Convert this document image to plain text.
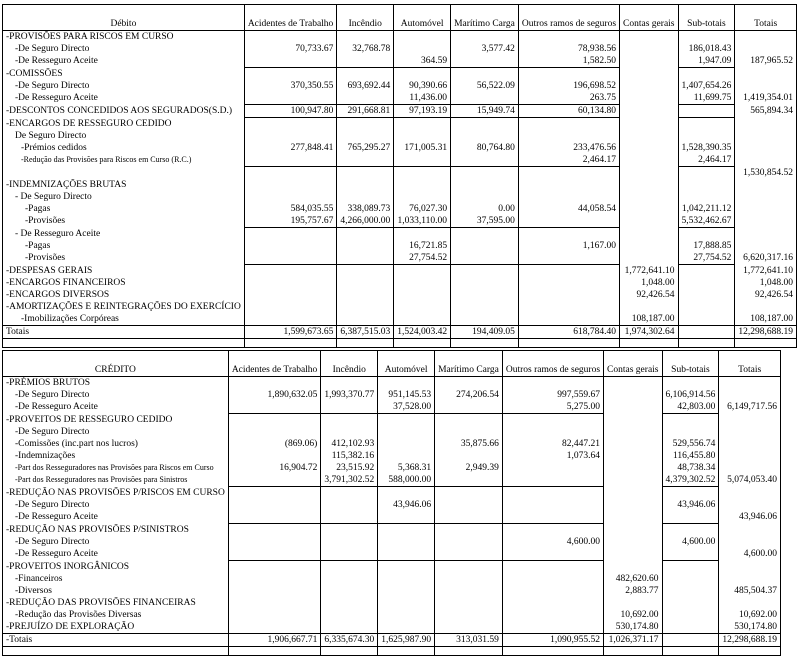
Débito	Acidentes de Trabalho	Incêndio	Automóvel	Marítimo Carga	Outros ramos de seguros	Contas gerais	Sub-totais	Totais
-PROVISÕES PARA RISCOS EM CURSO								
-De Seguro Directo	70,733.67	32,768.78		3,577.42	78,938.56		186,018.43	
-De Resseguro Aceite			364.59		1,582.50		1,947.09	187,965.52
-COMISSÕES								
-De Seguro Directo	370,350.55	693,692.44	90,390.66	56,522.09	196,698.52		1,407,654.26	
-De Resseguro Aceite			11,436.00		263.75		11,699.75	1,419,354.01
-DESCONTOS CONCEDIDOS AOS SEGURADOS(S.D.)	100,947.80	291,668.81	97,193.19	15,949.74	60,134.80			565,894.34
-ENCARGOS DE RESSEGURO CEDIDO								
De Seguro Directo								
-Prémios cedidos	277,848.41	765,295.27	171,005.31	80,764.80	233,476.56		1,528,390.35	
-Redução das Provisões para Riscos em Curso (R.C.)					2,464.17		2,464.17	
								1,530,854.52
-INDEMNIZAÇÕES BRUTAS								
- De Seguro Directo								
-Pagas	584,035.55	338,089.73	76,027.30	0.00	44,058.54		1,042,211.12	
-Provisões	195,757.67	4,266,000.00	1,033,110.00	37,595.00			5,532,462.67	
- De Resseguro Aceite								
-Pagas			16,721.85		1,167.00		17,888.85	
-Provisões			27,754.52				27,754.52	6,620,317.16
-DESPESAS GERAIS						1,772,641.10		1,772,641.10
-ENCARGOS FINANCEIROS						1,048.00		1,048.00
-ENCARGOS DIVERSOS						92,426.54		92,426.54
-AMORTIZAÇÕES E REINTEGRAÇÕES DO EXERCÍCIO								
-Imobilizações Corpóreas						108,187.00		108,187.00
Totais	1,599,673.65	6,387,515.03	1,524,003.42	194,409.05	618,784.40	1,974,302.64		12,298,688.19

CRÉDITO	Acidentes de Trabalho	Incêndio	Automóvel	Marítimo Carga	Outros ramos de seguros	Contas gerais	Sub-totais	Totais
-PRÉMIOS BRUTOS								
-De Seguro Directo	1,890,632.05	1,993,370.77	951,145.53	274,206.54	997,559.67		6,106,914.56	
-De Resseguro Aceite			37,528.00		5,275.00		42,803.00	6,149,717.56
-PROVEITOS DE RESSEGURO CEDIDO								
-De Seguro Directo								
-Comissões (inc.part nos lucros)	(869.06)	412,102.93		35,875.66	82,447.21		529,556.74	
-Indemnizações		115,382.16			1,073.64		116,455.80	
-Part dos Resseguradores nas Provisões para Riscos em Curso	16,904.72	23,515.92	5,368.31	2,949.39			48,738.34	
-Part dos Resseguradores nas Provisões para Sinistros		3,791,302.52	588,000.00				4,379,302.52	5,074,053.40
-REDUÇÃO NAS PROVISÕES P/RISCOS EM CURSO								
-De Seguro Directo			43,946.06				43,946.06	
-De Resseguro Aceite								43,946.06
-REDUÇÃO NAS PROVISÕES P/SINISTROS								
-De Seguro Directo					4,600.00		4,600.00	
-De Resseguro Aceite								4,600.00
-PROVEITOS INORGÂNICOS								
-Financeiros						482,620.60		
-Diversos						2,883.77		485,504.37
-REDUÇÃO DAS PROVISÕES FINANCEIRAS								
-Redução das Provisões Diversas						10,692.00		10,692.00
-PREJUÍZO DE EXPLORAÇÃO						530,174.80		530,174.80
-Totais	1,906,667.71	6,335,674.30	1,625,987.90	313,031.59	1,090,955.52	1,026,371.17		12,298,688.19
